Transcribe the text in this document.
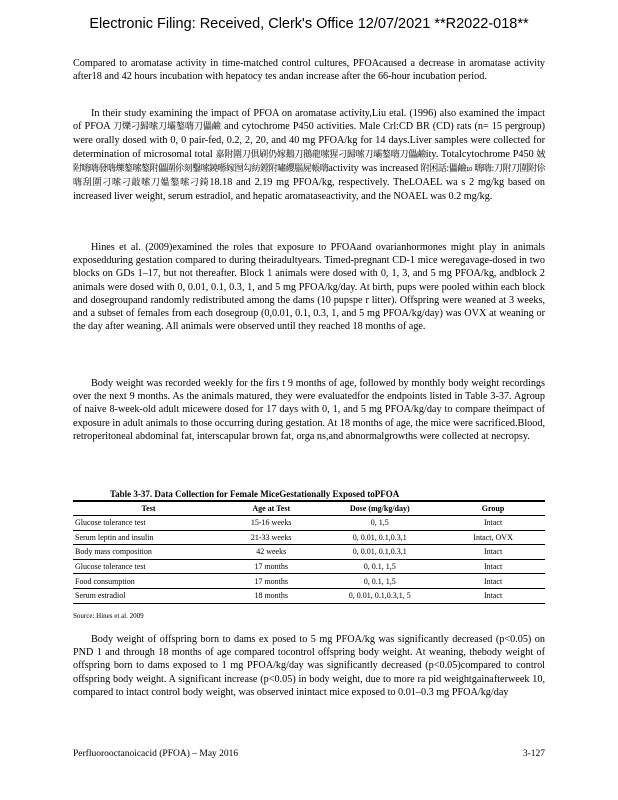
Electronic Filing: Received, Clerk's Office 12/07/2021 **R2022-018**

Compared to aromatase activity in time-matched control cultures, PFOAcaused a decrease in aromatase activity after18 and 42 hours incubation with hepatocy tes andan increase after the 66-hour incubation period.

In their study examining the impact of PFOA on aromatase activity,Liu etal. (1996) also examined the impact of PFOA 刀爍刁歸嗦刀壩鏊嗨刀儡鹼 and cytochrome P450 activities. Male Crl:CD BR (CD) rats (n= 15 pergroup) were orally dosed with 0, 0 pair-fed, 0.2, 2, 20, and 40 mg PFOA/kg for 14 days.Liver samples were collected for determination of microsomal total 嘉附圍刀俱刷仍嫁鵝刀鵝龍嗦猩刁歸嗦刀壩鏊嗨刀儡鹼ity. Totalcytochrome P450 娀附嗨嗨發嗨爍鏊嗦鏊附儡圍伱刻鑿嗦鐃喺嫁囫勾紡鏜附嘯纓腦屍帳嗨activity was increased 附困話:儡鹼₁₀ 嗨嗨:刀附刀圍附伱嗨刮圍刁嗦刁敲嗦刀媼鏊嗦刁錡18.18 and 2.19 mg PFOA/kg, respectively. TheLOAEL wa s 2 mg/kg based on increased liver weight, serum estradiol, and hepatic aromataseactivity, and the NOAEL was 0.2 mg/kg.

Hines et al. (2009)examined the roles that exposure to PFOAand ovarianhormones might play in animals exposedduring gestation compared to during theiradultyears. Timed-pregnant CD-1 mice weregavage-dosed in two blocks on GDs 1–17, but not thereafter. Block 1 animals were dosed with 0, 1, 3, and 5 mg PFOA/kg, andblock 2 animals were dosed with 0, 0.01, 0.1, 0.3, 1, and 5 mg PFOA/kg/day. At birth, pups were pooled within each block and dosegroupand randomly redistributed among the dams (10 pupspe r litter). Offspring were weaned at 3 weeks, and a subset of females from each dosegroup (0,0.01, 0.1, 0.3, 1, and 5 mg PFOA/kg/day) was OVX at weaning or the day after weaning. All animals were observed until they reached 18 months of age.

Body weight was recorded weekly for the firs t 9 months of age, followed by monthly body weight recordings over the next 9 months. As the animals matured, they were evaluatedfor the endpoints listed in Table 3-37. Agroup of naive 8-week-old adult micewere dosed for 17 days with 0, 1, and 5 mg PFOA/kg/day to compare theimpact of exposure in adult animals to those occurring during gestation. At 18 months of age, the mice were sacrificed.Blood, retroperitoneal abdominal fat, interscapular brown fat, orga ns,and abnormalgrowths were collected at necropsy.

Table 3-37. Data Collection for Female MiceGestationally Exposed toPFOA
Test	Age at Test	Dose (mg/kg/day)	Group
Glucose tolerance test	15-16 weeks	0, 1,5	Intact
Serum leptin and insulin	21-33 weeks	0, 0.01, 0.1,0.3,1	Intact, OVX
Body mass composition	42 weeks	0, 0.01, 0.1,0.3,1	Intact
Glucose tolerance test	17 months	0, 0.1, 1,5	Intact
Food consumption	17 months	0, 0.1, 1,5	Intact
Serum estradiol	18 months	0, 0.01, 0.1,0.3,1, 5	Intact
Source: Hines et al. 2009

Body weight of offspring born to dams ex posed to 5 mg PFOA/kg was significantly decreased (p<0.05) on PND 1 and through 18 months of age compared tocontrol offspring body weight. At weaning, thebody weight of offspring born to dams exposed to 1 mg PFOA/kg/day was significantly decreased (p<0.05)compared to control offspring body weight. A significant increase (p<0.05) in body weight, due to more ra pid weightgainafterweek 10, compared to intact control body weight, was observed inintact mice exposed to 0.01–0.3 mg PFOA/kg/day

Perfluorooctanoicacid (PFOA) – May 2016	3-127
